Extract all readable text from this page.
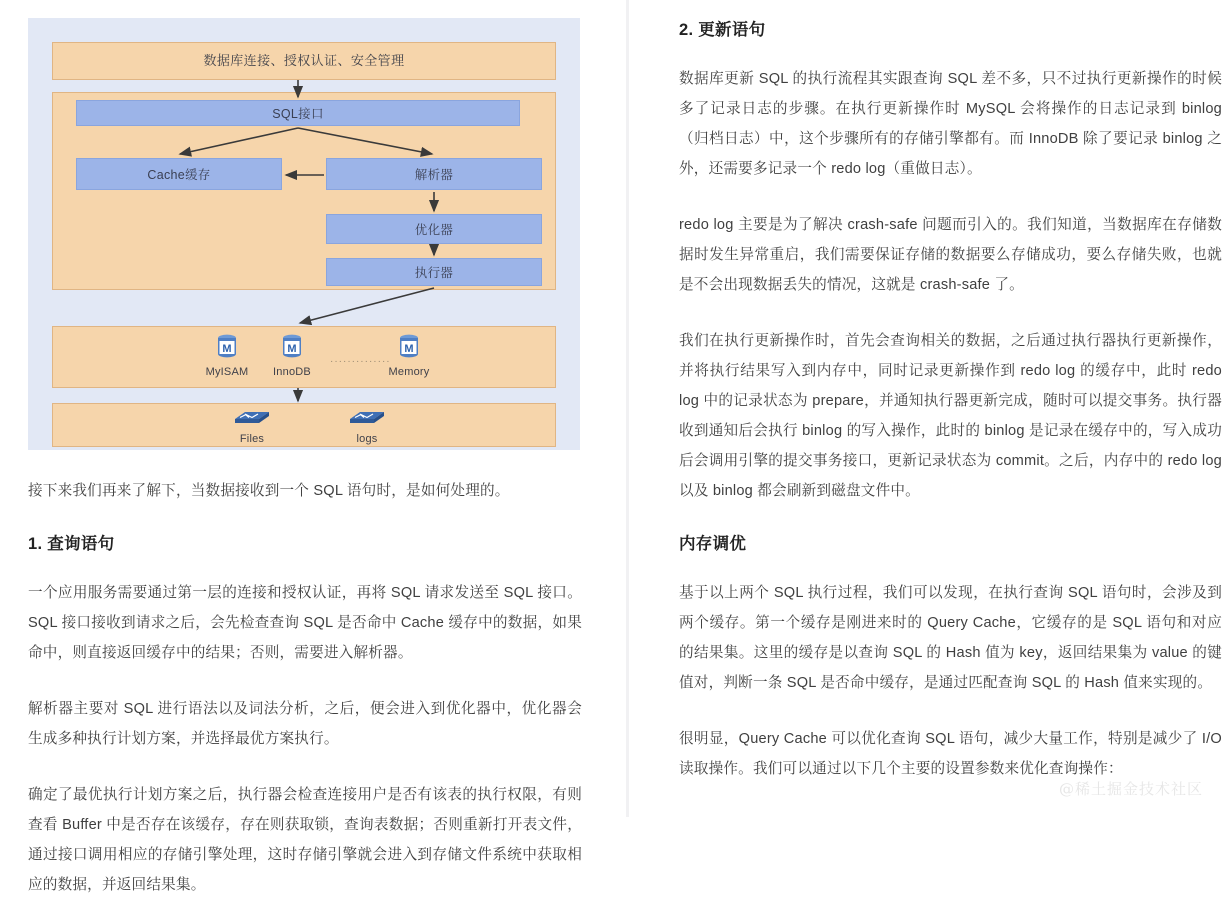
数据库连接、授权认证、安全管理
SQL接口
Cache缓存	解析器
优化器
执行器
M
MyISAM
M
InnoDB
··············
M
Memory
Files	logs

接下来我们再来了解下，当数据接收到一个 SQL 语句时，是如何处理的。

1. 查询语句

一个应用服务需要通过第一层的连接和授权认证，再将 SQL 请求发送至 SQL 接口。SQL 接口接收到请求之后，会先检查查询 SQL 是否命中 Cache 缓存中的数据，如果命中，则直接返回缓存中的结果；否则，需要进入解析器。

解析器主要对 SQL 进行语法以及词法分析，之后，便会进入到优化器中，优化器会生成多种执行计划方案，并选择最优方案执行。

确定了最优执行计划方案之后，执行器会检查连接用户是否有该表的执行权限，有则查看 Buffer 中是否存在该缓存，存在则获取锁，查询表数据；否则重新打开表文件，通过接口调用相应的存储引擎处理，这时存储引擎就会进入到存储文件系统中获取相应的数据，并返回结果集。

2. 更新语句

数据库更新 SQL 的执行流程其实跟查询 SQL 差不多，只不过执行更新操作的时候多了记录日志的步骤。在执行更新操作时 MySQL 会将操作的日志记录到 binlog（归档日志）中，这个步骤所有的存储引擎都有。而 InnoDB 除了要记录 binlog 之外，还需要多记录一个 redo log（重做日志）。

redo log 主要是为了解决 crash-safe 问题而引入的。我们知道，当数据库在存储数据时发生异常重启，我们需要保证存储的数据要么存储成功，要么存储失败，也就是不会出现数据丢失的情况，这就是 crash-safe 了。

我们在执行更新操作时，首先会查询相关的数据，之后通过执行器执行更新操作，并将执行结果写入到内存中，同时记录更新操作到 redo log 的缓存中，此时 redo log 中的记录状态为 prepare，并通知执行器更新完成，随时可以提交事务。执行器收到通知后会执行 binlog 的写入操作，此时的 binlog 是记录在缓存中的，写入成功后会调用引擎的提交事务接口，更新记录状态为 commit。之后，内存中的 redo log 以及 binlog 都会刷新到磁盘文件中。

内存调优

基于以上两个 SQL 执行过程，我们可以发现，在执行查询 SQL 语句时，会涉及到两个缓存。第一个缓存是刚进来时的 Query Cache，它缓存的是 SQL 语句和对应的结果集。这里的缓存是以查询 SQL 的 Hash 值为 key，返回结果集为 value 的键值对，判断一条 SQL 是否命中缓存，是通过匹配查询 SQL 的 Hash 值来实现的。

很明显，Query Cache 可以优化查询 SQL 语句，减少大量工作，特别是减少了 I/O 读取操作。我们可以通过以下几个主要的设置参数来优化查询操作：

@稀土掘金技术社区
